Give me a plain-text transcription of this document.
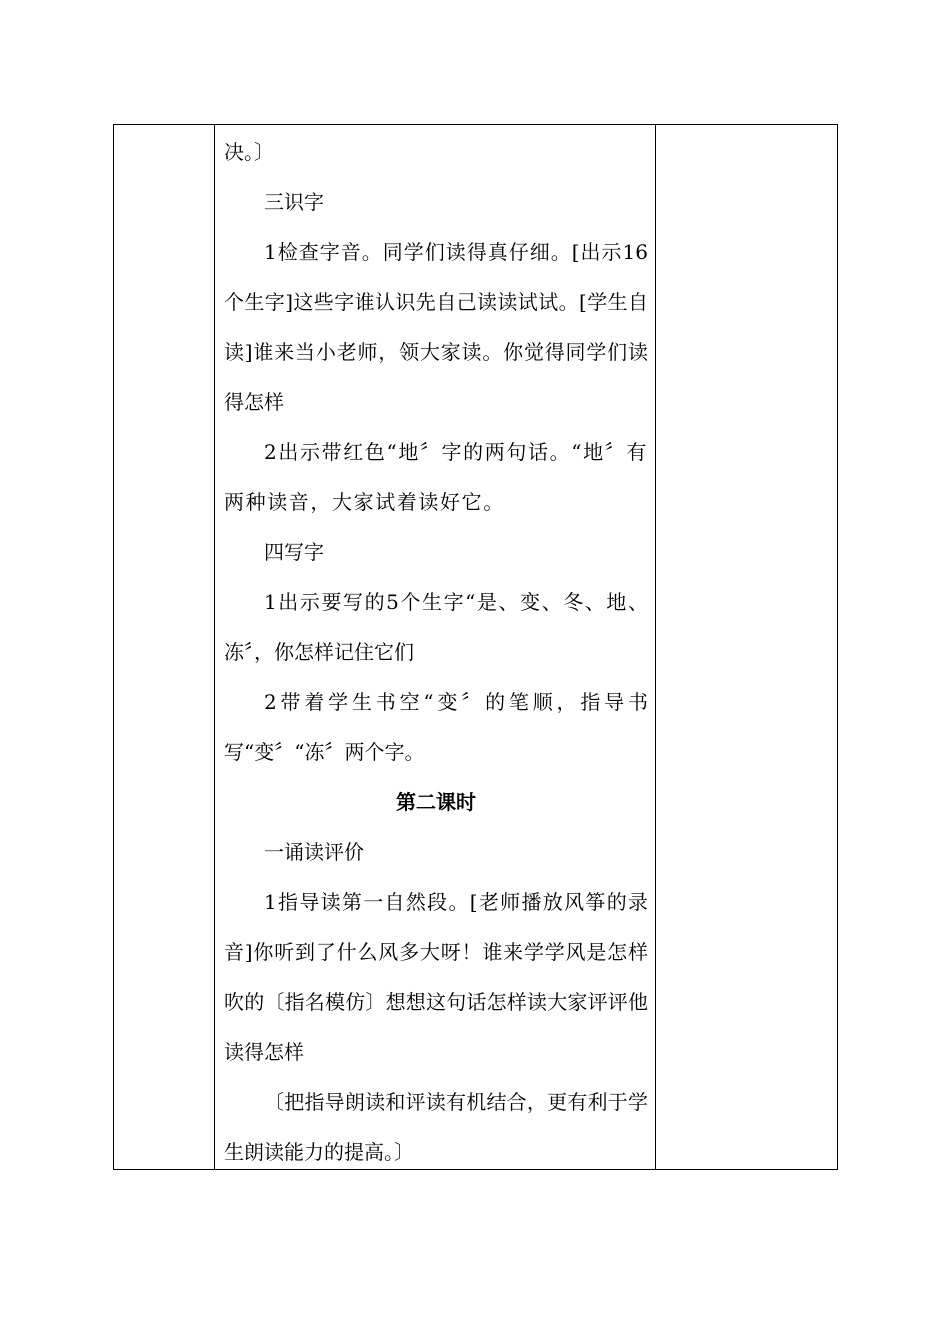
决。〕

三识字

1检查字音。同学们读得真仔细。[出示16个生字]这些字谁认识先自己读读试试。[学生自读]谁来当小老师，领大家读。你觉得同学们读得怎样

2出示带红色“地〞字的两句话。“地〞有两种读音，大家试着读好它。

四写字

1出示要写的5个生字“是、变、冬、地、冻〞，你怎样记住它们

2带着学生书空“变〞的笔顺，指导书写“变〞“冻〞两个字。

第二课时

一诵读评价

1指导读第一自然段。[老师播放风筝的录音]你听到了什么风多大呀！谁来学学风是怎样吹的〔指名模仿〕想想这句话怎样读大家评评他读得怎样

〔把指导朗读和评读有机结合，更有利于学生朗读能力的提高。〕
